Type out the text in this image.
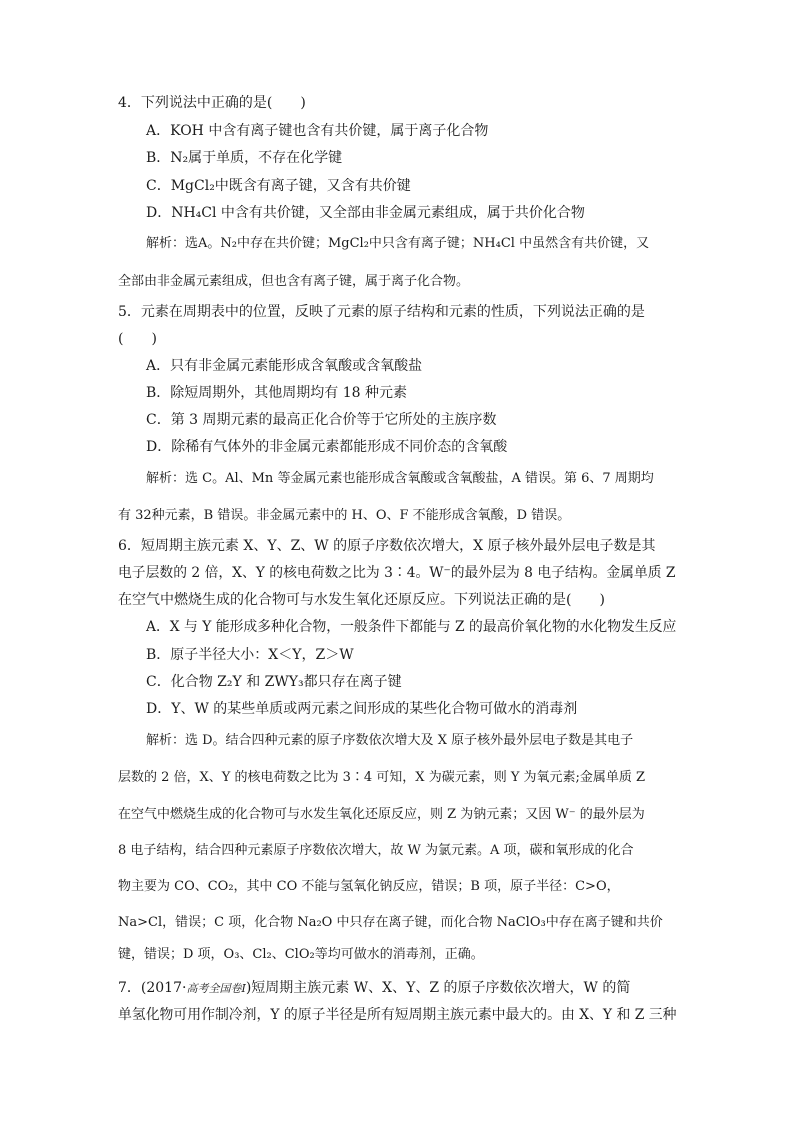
4．下列说法中正确的是(　　)
A．KOH 中含有离子键也含有共价键，属于离子化合物
B．N₂属于单质，不存在化学键
C．MgCl₂中既含有离子键，又含有共价键
D．NH₄Cl 中含有共价键，又全部由非金属元素组成，属于共价化合物
解析：选A。N₂中存在共价键；MgCl₂中只含有离子键；NH₄Cl 中虽然含有共价键，又
全部由非金属元素组成，但也含有离子键，属于离子化合物。
5．元素在周期表中的位置，反映了元素的原子结构和元素的性质，下列说法正确的是
(　　)
A．只有非金属元素能形成含氧酸或含氧酸盐
B．除短周期外，其他周期均有 18 种元素
C．第 3 周期元素的最高正化合价等于它所处的主族序数
D．除稀有气体外的非金属元素都能形成不同价态的含氧酸
解析：选 C。Al、Mn 等金属元素也能形成含氧酸或含氧酸盐，A 错误。第 6、7 周期均
有 32种元素，B 错误。非金属元素中的 H、O、F 不能形成含氧酸，D 错误。
6．短周期主族元素 X、Y、Z、W 的原子序数依次增大，X 原子核外最外层电子数是其
电子层数的 2 倍，X、Y 的核电荷数之比为 3∶4。W⁻的最外层为 8 电子结构。金属单质 Z
在空气中燃烧生成的化合物可与水发生氧化还原反应。下列说法正确的是(　　)
A．X 与 Y 能形成多种化合物，一般条件下都能与 Z 的最高价氧化物的水化物发生反应
B．原子半径大小：X＜Y，Z＞W
C．化合物 Z₂Y 和 ZWY₃都只存在离子键
D．Y、W 的某些单质或两元素之间形成的某些化合物可做水的消毒剂
解析：选 D。结合四种元素的原子序数依次增大及 X 原子核外最外层电子数是其电子
层数的 2 倍，X、Y 的核电荷数之比为 3∶4 可知，X 为碳元素，则 Y 为氧元素;金属单质 Z
在空气中燃烧生成的化合物可与水发生氧化还原反应，则 Z 为钠元素；又因 W⁻ 的最外层为
8 电子结构，结合四种元素原子序数依次增大，故 W 为氯元素。A 项，碳和氧形成的化合
物主要为 CO、CO₂，其中 CO 不能与氢氧化钠反应，错误；B 项，原子半径：C>O，
Na>Cl，错误；C 项，化合物 Na₂O 中只存在离子键，而化合物 NaClO₃中存在离子键和共价
键，错误；D 项，O₃、Cl₂、ClO₂等均可做水的消毒剂，正确。
7．(2017·高考全国卷Ⅰ)短周期主族元素 W、X、Y、Z 的原子序数依次增大，W 的简
单氢化物可用作制冷剂，Y 的原子半径是所有短周期主族元素中最大的。由 X、Y 和 Z 三种
